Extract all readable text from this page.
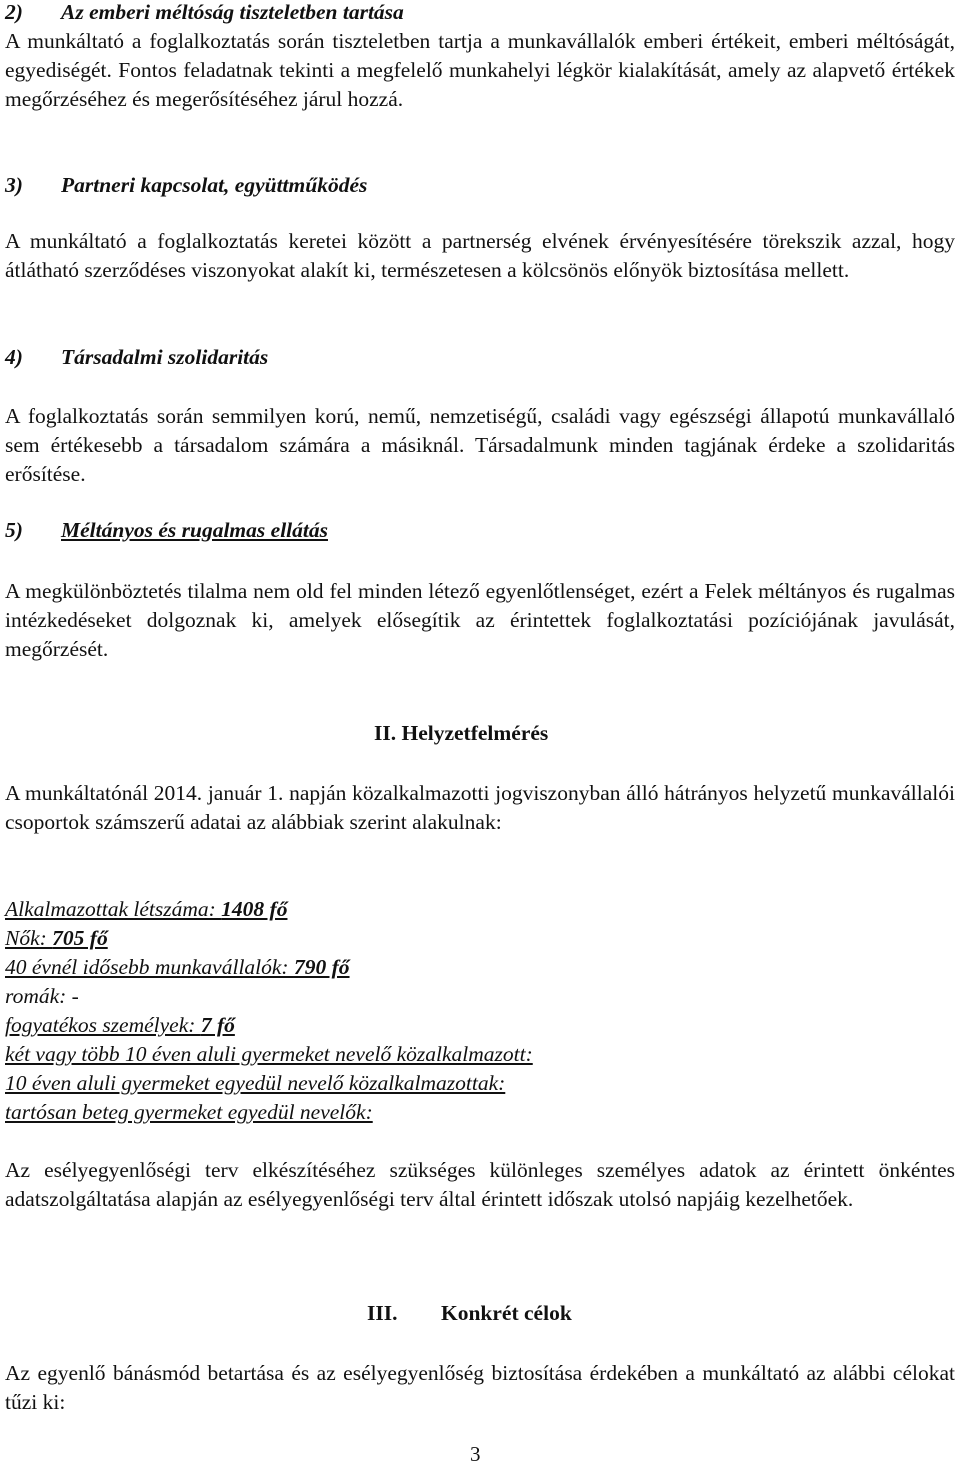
2) Az emberi méltóság tiszteletben tartása
A munkáltató a foglalkoztatás során tiszteletben tartja a munkavállalók emberi értékeit, emberi méltóságát, egyediségét. Fontos feladatnak tekinti a megfelelő munkahelyi légkör kialakítását, amely az alapvető értékek megőrzéséhez és megerősítéséhez járul hozzá.
3) Partneri kapcsolat, együttműködés
A munkáltató a foglalkoztatás keretei között a partnerség elvének érvényesítésére törekszik azzal, hogy átlátható szerződéses viszonyokat alakít ki, természetesen a kölcsönös előnyök biztosítása mellett.
4) Társadalmi szolidaritás
A foglalkoztatás során semmilyen korú, nemű, nemzetiségű, családi vagy egészségi állapotú munkavállaló sem értékesebb a társadalom számára a másiknál. Társadalmunk minden tagjának érdeke a szolidaritás erősítése.
5) Méltányos és rugalmas ellátás
A megkülönböztetés tilalma nem old fel minden létező egyenlőtlenséget, ezért a Felek méltányos és rugalmas intézkedéseket dolgoznak ki, amelyek elősegítik az érintettek foglalkoztatási pozíciójának javulását, megőrzését.
II. Helyzetfelmérés
A munkáltatónál 2014. január 1. napján közalkalmazotti jogviszonyban álló hátrányos helyzetű munkavállalói csoportok számszerű adatai az alábbiak szerint alakulnak:
Alkalmazottak létszáma: 1408 fő
Nők: 705 fő
40 évnél idősebb munkavállalók: 790 fő
romák: -
fogyatékos személyek: 7 fő
két vagy több 10 éven aluli gyermeket nevelő közalkalmazott:
10 éven aluli gyermeket egyedül nevelő közalkalmazottak:
tartósan beteg gyermeket egyedül nevelők:
Az esélyegyenlőségi terv elkészítéséhez szükséges különleges személyes adatok az érintett önkéntes adatszolgáltatása alapján az esélyegyenlőségi terv által érintett időszak utolsó napjáig kezelhetőek.
III. Konkrét célok
Az egyenlő bánásmód betartása és az esélyegyenlőség biztosítása érdekében a munkáltató az alábbi célokat tűzi ki:
3
